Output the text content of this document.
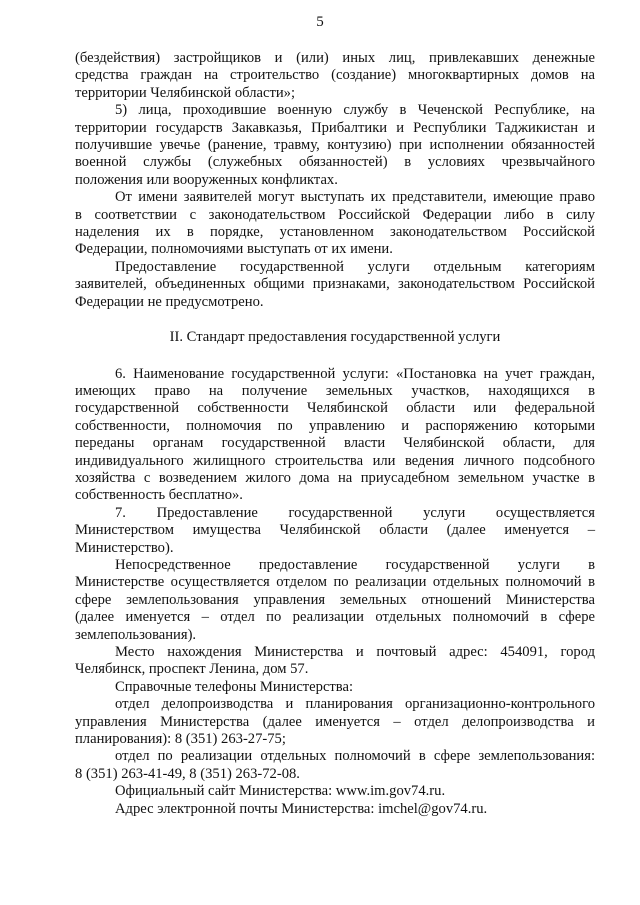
5
(бездействия) застройщиков и (или) иных лиц, привлекавших денежные
средства граждан на строительство (создание) многоквартирных домов на
территории Челябинской области»;
5) лица, проходившие военную службу в Чеченской Республике, на
территории государств Закавказья, Прибалтики и Республики Таджикистан и
получившие увечье (ранение, травму, контузию) при исполнении обязанностей
военной службы (служебных обязанностей) в условиях чрезвычайного
положения или вооруженных конфликтах.
От имени заявителей могут выступать их представители, имеющие право
в соответствии с законодательством Российской Федерации либо в силу
наделения их в порядке, установленном законодательством Российской
Федерации, полномочиями выступать от их имени.
Предоставление государственной услуги отдельным категориям
заявителей, объединенных общими признаками, законодательством Российской
Федерации не предусмотрено.
II. Стандарт предоставления государственной услуги
6. Наименование государственной услуги: «Постановка на учет граждан,
имеющих право на получение земельных участков, находящихся в
государственной собственности Челябинской области или федеральной
собственности, полномочия по управлению и распоряжению которыми
переданы органам государственной власти Челябинской области, для
индивидуального жилищного строительства или ведения личного подсобного
хозяйства с возведением жилого дома на приусадебном земельном участке в
собственность бесплатно».
7. Предоставление государственной услуги осуществляется
Министерством имущества Челябинской области (далее именуется –
Министерство).
Непосредственное предоставление государственной услуги в
Министерстве осуществляется отделом по реализации отдельных полномочий в
сфере землепользования управления земельных отношений Министерства
(далее именуется – отдел по реализации отдельных полномочий в сфере
землепользования).
Место нахождения Министерства и почтовый адрес: 454091, город
Челябинск, проспект Ленина, дом 57.
Справочные телефоны Министерства:
отдел делопроизводства и планирования организационно-контрольного
управления Министерства (далее именуется – отдел делопроизводства и
планирования): 8 (351) 263-27-75;
отдел по реализации отдельных полномочий в сфере землепользования:
8 (351) 263-41-49, 8 (351) 263-72-08.
Официальный сайт Министерства: www.im.gov74.ru.
Адрес электронной почты Министерства: imchel@gov74.ru.
